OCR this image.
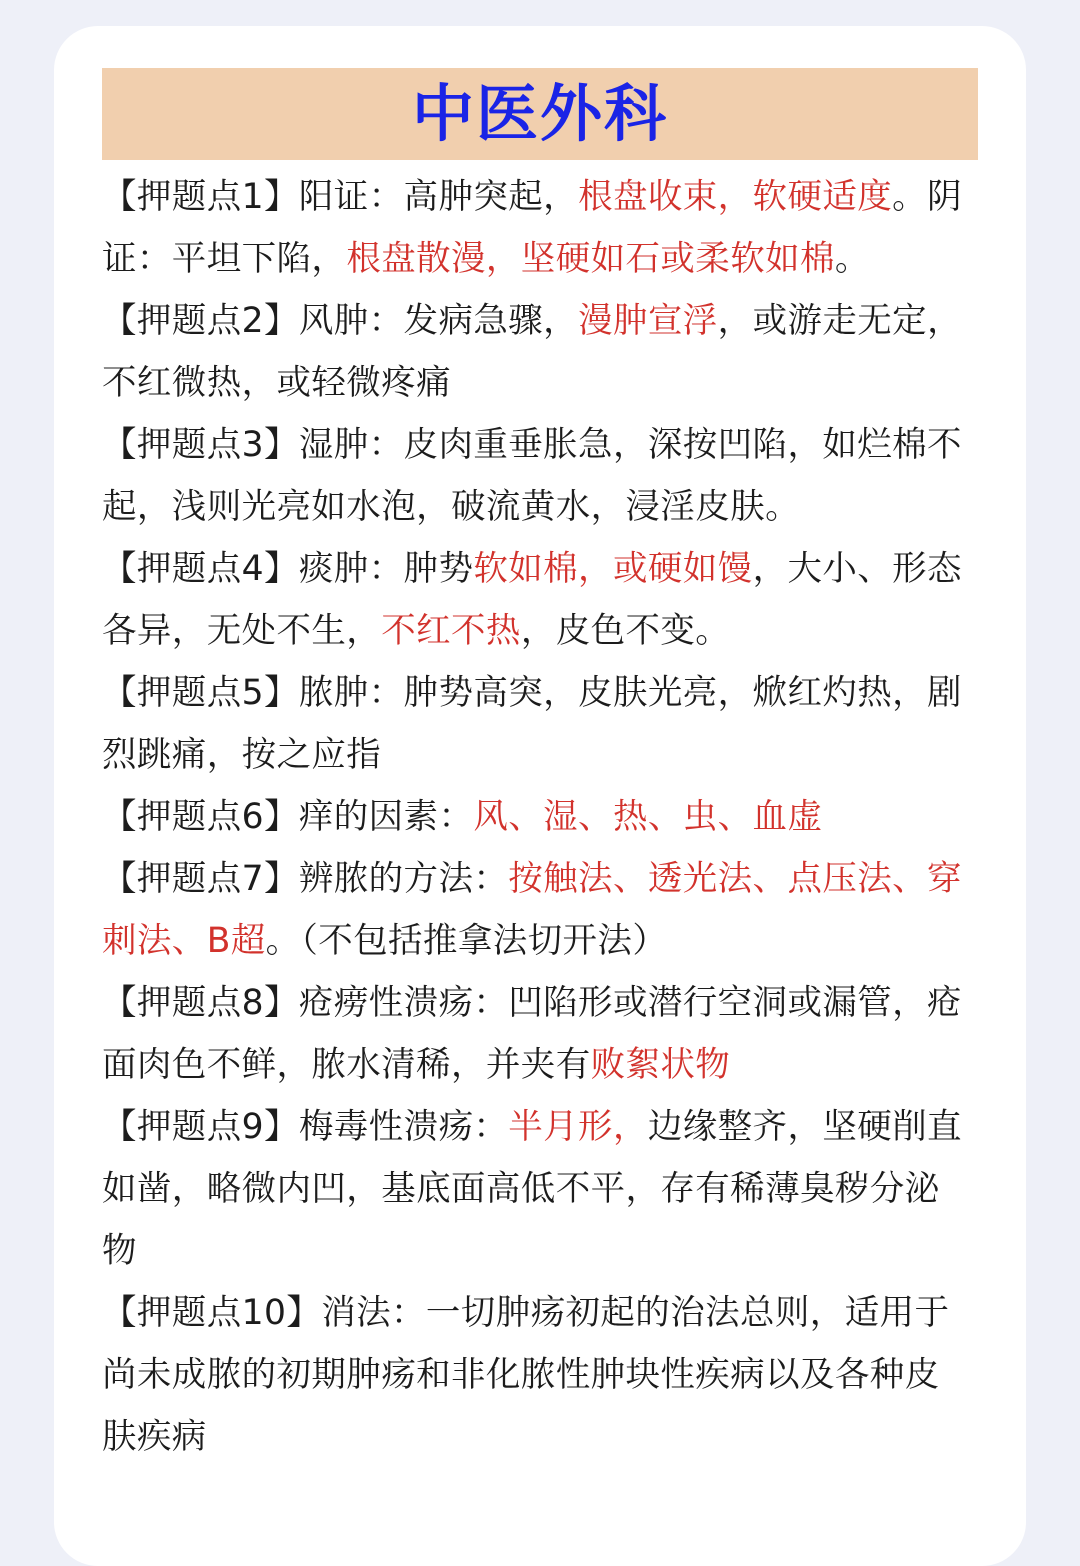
中医外科

【押题点1】阳证：高肿突起，根盘收束，软硬适度。阴证：平坦下陷，根盘散漫，坚硬如石或柔软如棉。

【押题点2】风肿：发病急骤，漫肿宣浮，或游走无定，不红微热，或轻微疼痛

【押题点3】湿肿：皮肉重垂胀急，深按凹陷，如烂棉不起，浅则光亮如水泡，破流黄水，浸淫皮肤。

【押题点4】痰肿：肿势软如棉，或硬如馒，大小、形态各异，无处不生，不红不热，皮色不变。

【押题点5】脓肿：肿势高突，皮肤光亮，焮红灼热，剧烈跳痛，按之应指

【押题点6】痒的因素：风、湿、热、虫、血虚

【押题点7】辨脓的方法：按触法、透光法、点压法、穿刺法、B超。（不包括推拿法切开法）

【押题点8】疮痨性溃疡：凹陷形或潜行空洞或漏管，疮面肉色不鲜，脓水清稀，并夹有败絮状物

【押题点9】梅毒性溃疡：半月形，边缘整齐，坚硬削直如凿，略微内凹，基底面高低不平，存有稀薄臭秽分泌物

【押题点10】消法：一切肿疡初起的治法总则，适用于尚未成脓的初期肿疡和非化脓性肿块性疾病以及各种皮肤疾病
